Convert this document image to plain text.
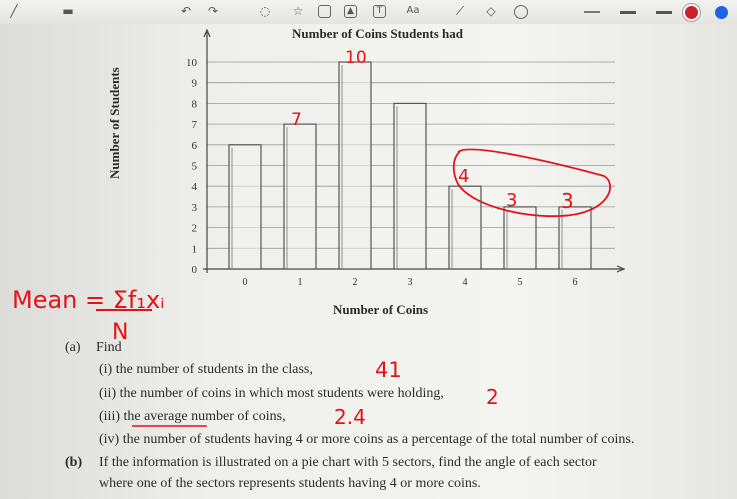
╱	▬	↶ ↷	◌ ☆	▲	T	Aa	⟋	◇
0
1
2
3
4
5
6
7
8
9
10
0	1	2	3	4	5	6
Number of Coins Students had
Number of Coins
Number of Students	7
10
4
3 3
Mean = Σf₁xᵢ
N
41
2
2.4
(a) Find
(i) the number of students in the class,
(ii) the number of coins in which most students were holding,
(iii) the average number of coins,
(iv) the number of students having 4 or more coins as a percentage of the total number of coins.
(b) If the information is illustrated on a pie chart with 5 sectors, find the angle of each sector
where one of the sectors represents students having 4 or more coins.
